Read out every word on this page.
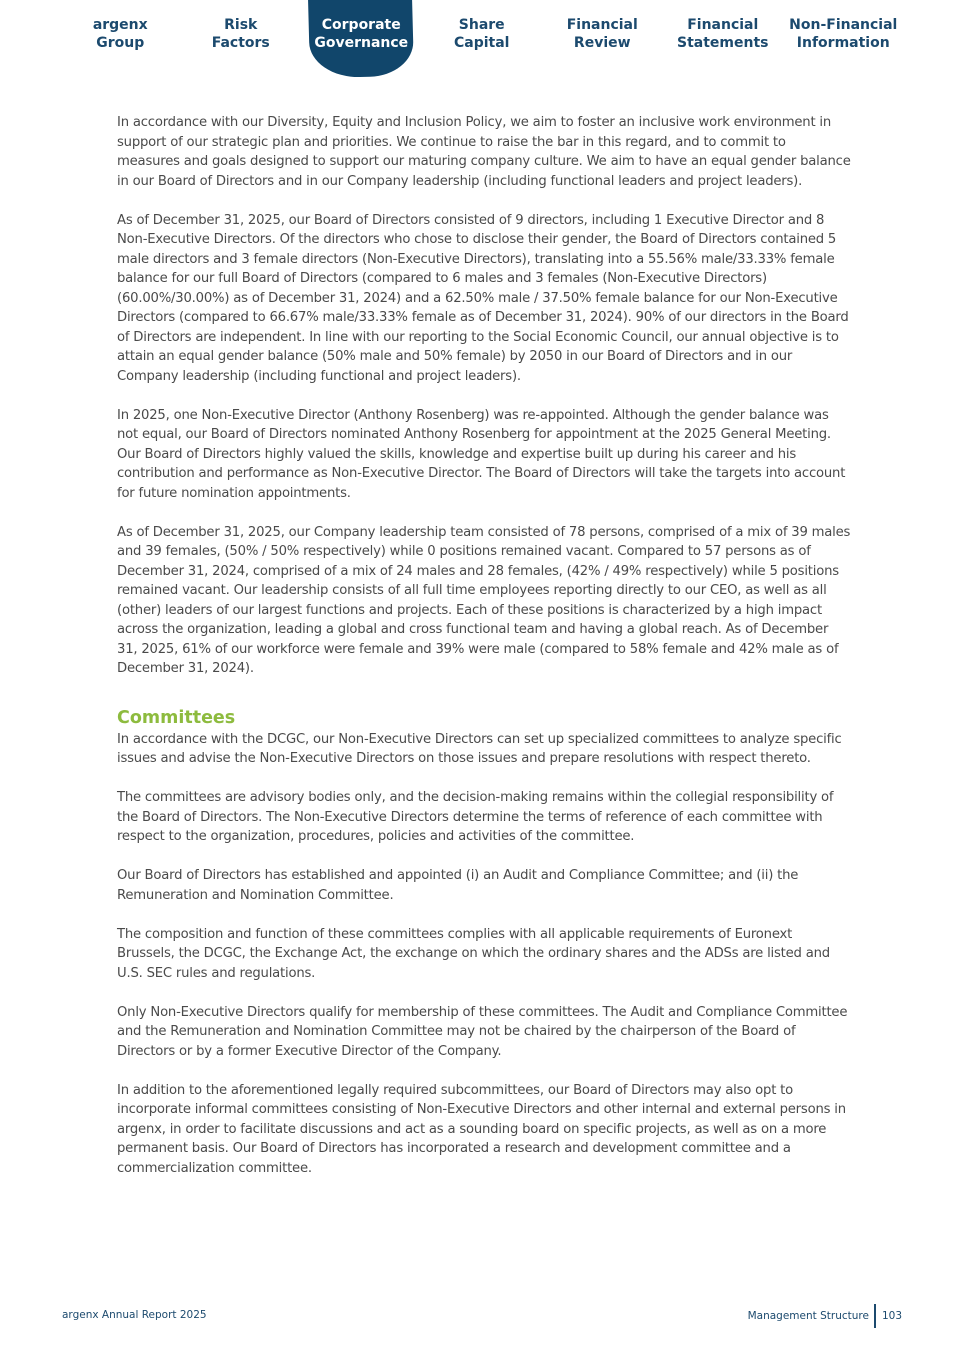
argenx
Group
Risk
Factors
Corporate
Governance
Share
Capital
Financial
Review
Financial
Statements
Non-Financial
Information

In accordance with our Diversity, Equity and Inclusion Policy, we aim to foster an inclusive work environment in support of our strategic plan and priorities. We continue to raise the bar in this regard, and to commit to measures and goals designed to support our maturing company culture. We aim to have an equal gender balance in our Board of Directors and in our Company leadership (including functional leaders and project leaders).

As of December 31, 2025, our Board of Directors consisted of 9 directors, including 1 Executive Director and 8 Non-Executive Directors. Of the directors who chose to disclose their gender, the Board of Directors contained 5 male directors and 3 female directors (Non-Executive Directors), translating into a 55.56% male/33.33% female balance for our full Board of Directors (compared to 6 males and 3 females (Non-Executive Directors) (60.00%/30.00%) as of December 31, 2024) and a 62.50% male / 37.50% female balance for our Non-Executive Directors (compared to 66.67% male/33.33% female as of December 31, 2024). 90% of our directors in the Board of Directors are independent. In line with our reporting to the Social Economic Council, our annual objective is to attain an equal gender balance (50% male and 50% female) by 2050 in our Board of Directors and in our Company leadership (including functional and project leaders).

In 2025, one Non-Executive Director (Anthony Rosenberg) was re-appointed. Although the gender balance was not equal, our Board of Directors nominated Anthony Rosenberg for appointment at the 2025 General Meeting. Our Board of Directors highly valued the skills, knowledge and expertise built up during his career and his contribution and performance as Non-Executive Director. The Board of Directors will take the targets into account for future nomination appointments.

As of December 31, 2025, our Company leadership team consisted of 78 persons, comprised of a mix of 39 males and 39 females, (50% / 50% respectively) while 0 positions remained vacant. Compared to 57 persons as of December 31, 2024, comprised of a mix of 24 males and 28 females, (42% / 49% respectively) while 5 positions remained vacant. Our leadership consists of all full time employees reporting directly to our CEO, as well as all (other) leaders of our largest functions and projects. Each of these positions is characterized by a high impact across the organization, leading a global and cross functional team and having a global reach. As of December 31, 2025, 61% of our workforce were female and 39% were male (compared to 58% female and 42% male as of December 31, 2024).

Committees

In accordance with the DCGC, our Non-Executive Directors can set up specialized committees to analyze specific issues and advise the Non-Executive Directors on those issues and prepare resolutions with respect thereto.

The committees are advisory bodies only, and the decision-making remains within the collegial responsibility of the Board of Directors. The Non-Executive Directors determine the terms of reference of each committee with respect to the organization, procedures, policies and activities of the committee.

Our Board of Directors has established and appointed (i) an Audit and Compliance Committee; and (ii) the Remuneration and Nomination Committee.

The composition and function of these committees complies with all applicable requirements of Euronext Brussels, the DCGC, the Exchange Act, the exchange on which the ordinary shares and the ADSs are listed and U.S. SEC rules and regulations.

Only Non-Executive Directors qualify for membership of these committees. The Audit and Compliance Committee and the Remuneration and Nomination Committee may not be chaired by the chairperson of the Board of Directors or by a former Executive Director of the Company.

In addition to the aforementioned legally required subcommittees, our Board of Directors may also opt to incorporate informal committees consisting of Non-Executive Directors and other internal and external persons in argenx, in order to facilitate discussions and act as a sounding board on specific projects, as well as on a more permanent basis. Our Board of Directors has incorporated a research and development committee and a commercialization committee.

argenx Annual Report 2025	Management Structure 103
